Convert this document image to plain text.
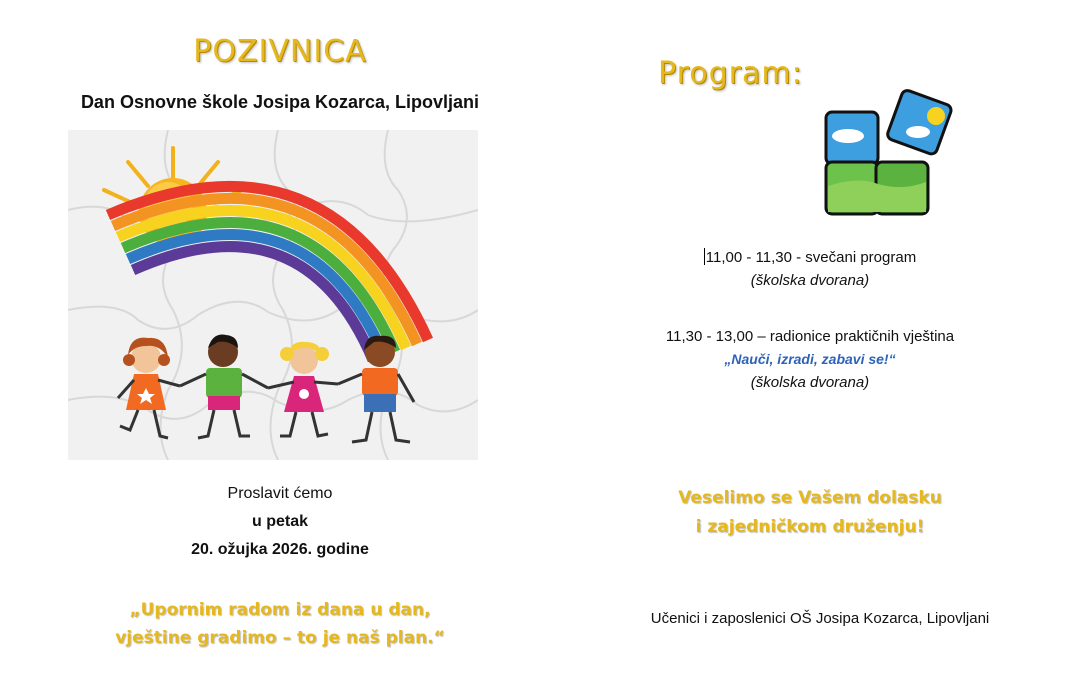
POZIVNICA
Dan Osnovne škole Josipa Kozarca, Lipovljani
Proslavit ćemo
u petak
20. ožujka 2026. godine
„Upornim radom iz dana u dan,
vještine gradimo – to je naš plan.“
Program:
11,00 - 11,30 - svečani program
(školska dvorana)
11,30 - 13,00 – radionice praktičnih vještina
„Nauči, izradi, zabavi se!“
(školska dvorana)
Veselimo se Vašem dolasku
i zajedničkom druženju!
Učenici i zaposlenici OŠ Josipa Kozarca, Lipovljani
